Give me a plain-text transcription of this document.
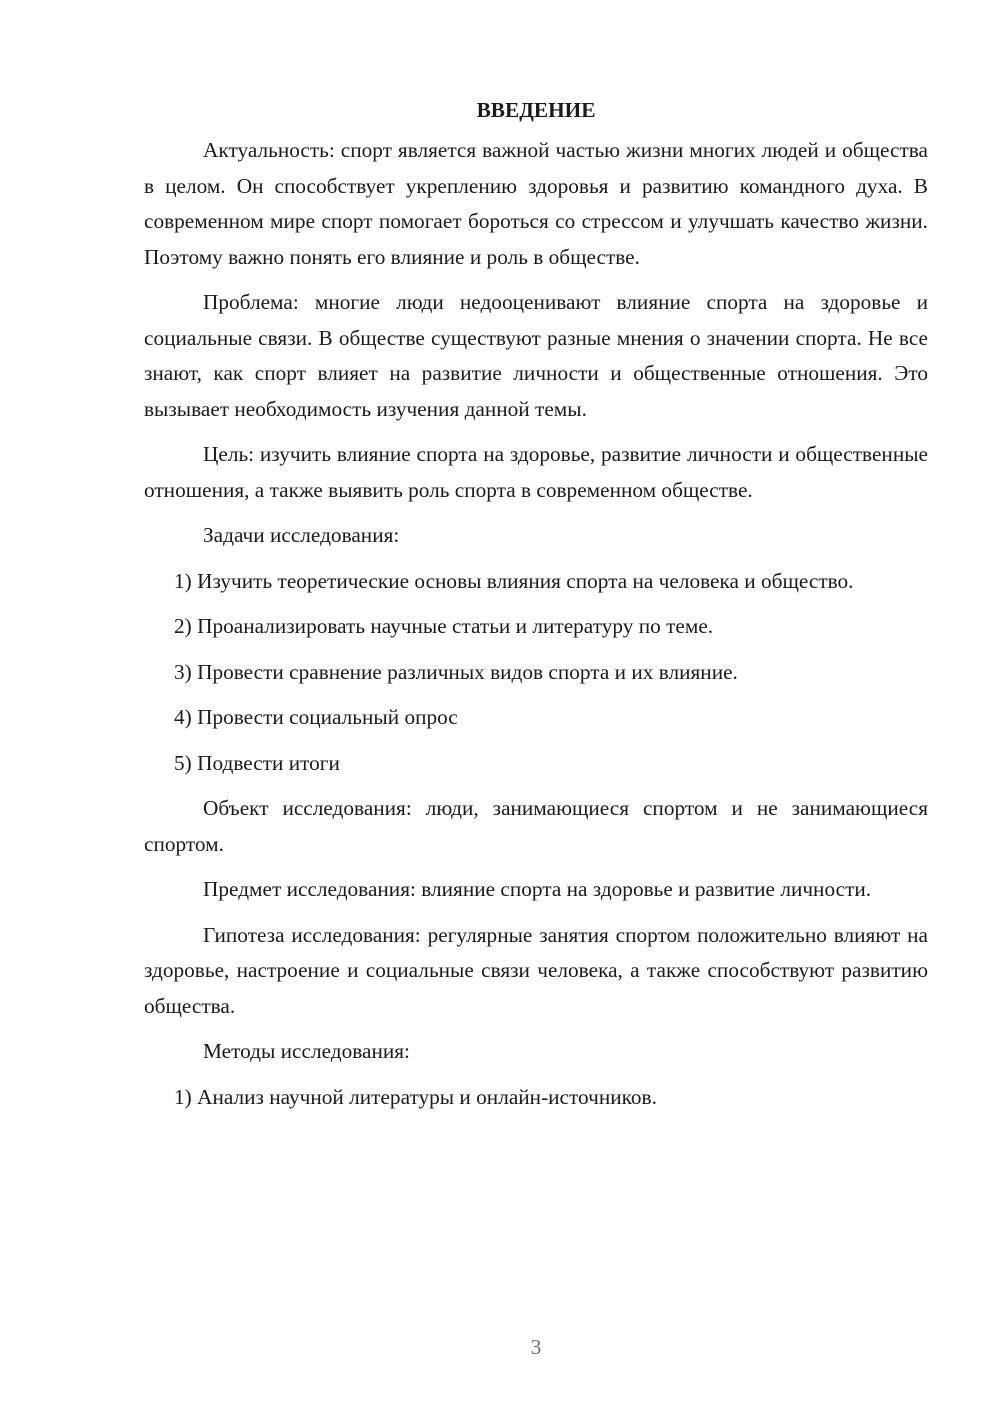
ВВЕДЕНИЕ

Актуальность: спорт является важной частью жизни многих людей и общества в целом. Он способствует укреплению здоровья и развитию командного духа. В современном мире спорт помогает бороться со стрессом и улучшать качество жизни. Поэтому важно понять его влияние и роль в обществе.

Проблема: многие люди недооценивают влияние спорта на здоровье и социальные связи. В обществе существуют разные мнения о значении спорта. Не все знают, как спорт влияет на развитие личности и общественные отношения. Это вызывает необходимость изучения данной темы.

Цель: изучить влияние спорта на здоровье, развитие личности и общественные отношения, а также выявить роль спорта в современном обществе.

Задачи исследования:

1) Изучить теоретические основы влияния спорта на человека и общество.

2) Проанализировать научные статьи и литературу по теме.

3) Провести сравнение различных видов спорта и их влияние.

4) Провести социальный опрос

5) Подвести итоги

Объект исследования: люди, занимающиеся спортом и не занимающиеся спортом.

Предмет исследования: влияние спорта на здоровье и развитие личности.

Гипотеза исследования: регулярные занятия спортом положительно влияют на здоровье, настроение и социальные связи человека, а также способствуют развитию общества.

Методы исследования:

1) Анализ научной литературы и онлайн-источников.

3
